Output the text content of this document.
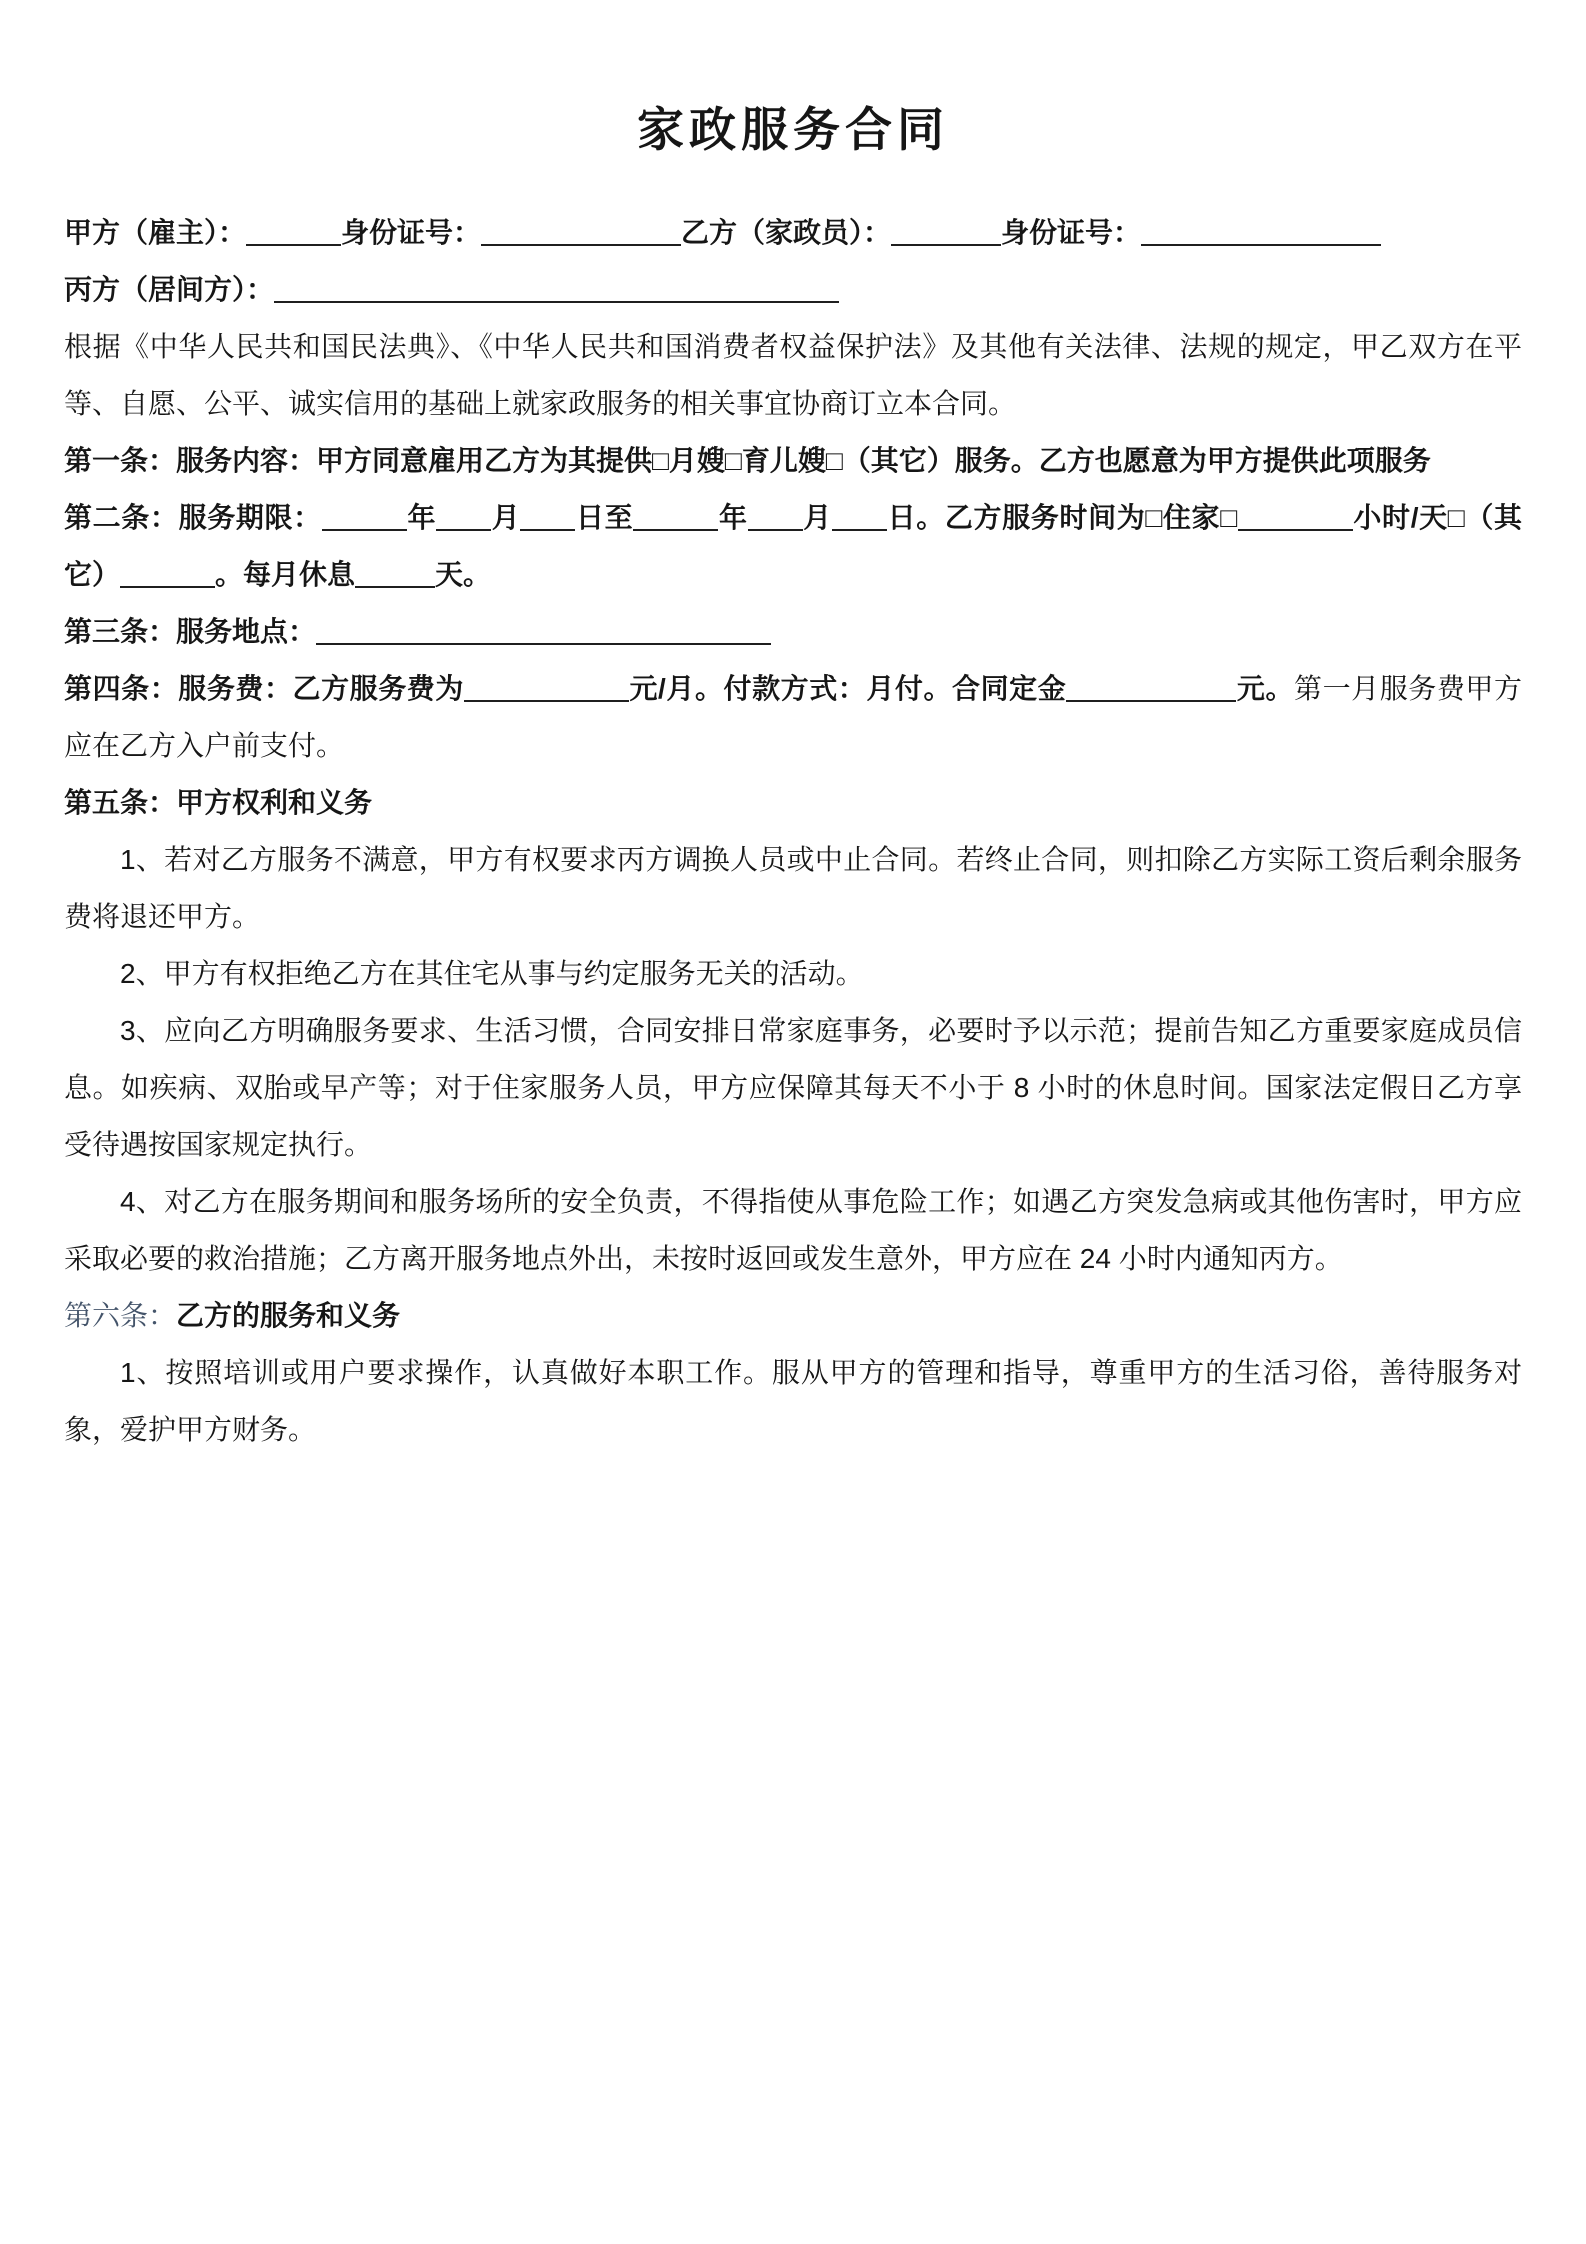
家政服务合同

甲方（雇主）：	身份证号：	乙方（家政员）：	身份证号：

丙方（居间方）：

根据《中华人民共和国民法典》、《中华人民共和国消费者权益保护法》及其他有关法律、法规的规定，甲乙双方在平等、自愿、公平、诚实信用的基础上就家政服务的相关事宜协商订立本合同。

第一条：服务内容：甲方同意雇用乙方为其提供□月嫂□育儿嫂□（其它）服务。乙方也愿意为甲方提供此项服务

第二条：服务期限：	年 月 日至	年 月 日。乙方服务时间为□住家□	小时/天□（其它）	。每月休息	天。

第三条：服务地点：

第四条：服务费：乙方服务费为	元/月。付款方式：月付。合同定金	元。第一月服务费甲方应在乙方入户前支付。

第五条：甲方权利和义务

1、若对乙方服务不满意，甲方有权要求丙方调换人员或中止合同。若终止合同，则扣除乙方实际工资后剩余服务费将退还甲方。

2、甲方有权拒绝乙方在其住宅从事与约定服务无关的活动。

3、应向乙方明确服务要求、生活习惯，合同安排日常家庭事务，必要时予以示范；提前告知乙方重要家庭成员信息。如疾病、双胎或早产等；对于住家服务人员，甲方应保障其每天不小于 8 小时的休息时间。国家法定假日乙方享受待遇按国家规定执行。

4、对乙方在服务期间和服务场所的安全负责，不得指使从事危险工作；如遇乙方突发急病或其他伤害时，甲方应采取必要的救治措施；乙方离开服务地点外出，未按时返回或发生意外，甲方应在 24 小时内通知丙方。

第六条：乙方的服务和义务

1、按照培训或用户要求操作，认真做好本职工作。服从甲方的管理和指导，尊重甲方的生活习俗，善待服务对象，爱护甲方财务。
